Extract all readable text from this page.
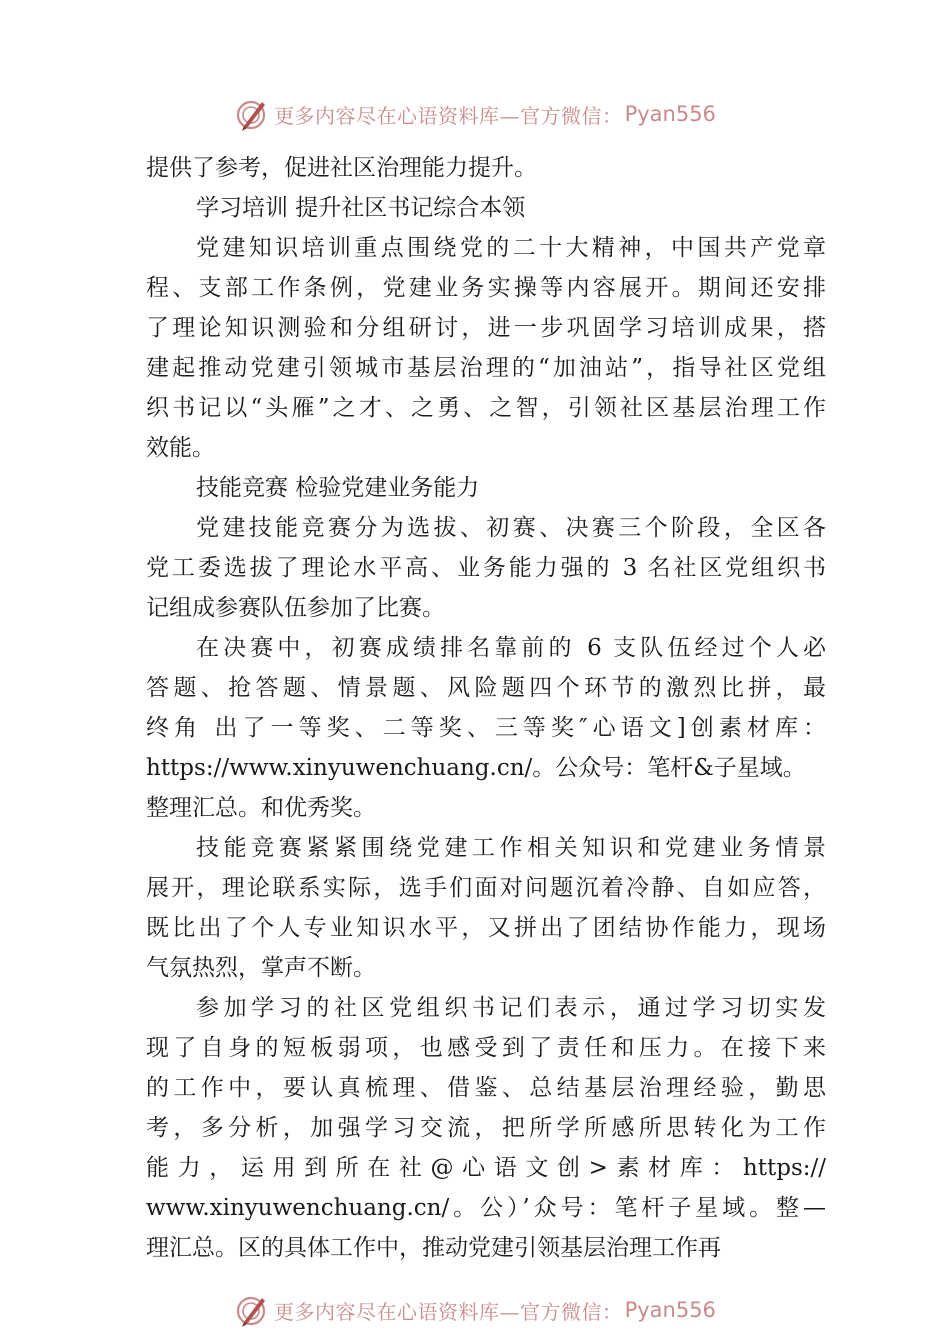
更多内容尽在心语资料库—官方微信： Pyan556
提供了参考，促进社区治理能力提升。
学习培训 提升社区书记综合本领
党建知识培训重点围绕党的二十大精神，中国共产党章
程、支部工作条例，党建业务实操等内容展开。期间还安排
了理论知识测验和分组研讨，进一步巩固学习培训成果，搭
建起推动党建引领城市基层治理的“加油站”，指导社区党组
织书记以“头雁”之才、之勇、之智，引领社区基层治理工作
效能。
技能竞赛 检验党建业务能力
党建技能竞赛分为选拔、初赛、决赛三个阶段，全区各
党工委选拔了理论水平高、业务能力强的 3 名社区党组织书
记组成参赛队伍参加了比赛。
在决赛中，初赛成绩排名靠前的 6 支队伍经过个人必
答题、抢答题、情景题、风险题四个环节的激烈比拼，最
终角 出了一等奖、二等奖、三等奖″心语文]创素材库：
https://www.xinyuwenchuang.cn/。公众号：笔杆&子星域。
整理汇总。和优秀奖。
技能竞赛紧紧围绕党建工作相关知识和党建业务情景
展开，理论联系实际，选手们面对问题沉着冷静、自如应答，
既比出了个人专业知识水平，又拼出了团结协作能力，现场
气氛热烈，掌声不断。
参加学习的社区党组织书记们表示，通过学习切实发
现了自身的短板弱项，也感受到了责任和压力。在接下来
的工作中，要认真梳理、借鉴、总结基层治理经验，勤思
考，多分析，加强学习交流，把所学所感所思转化为工作
能力，运用到所在社@心语文创>素材库：https://
www.xinyuwenchuang.cn/。公）’众号：笔杆子星域。整—
理汇总。区的具体工作中，推动党建引领基层治理工作再
更多内容尽在心语资料库—官方微信： Pyan556
